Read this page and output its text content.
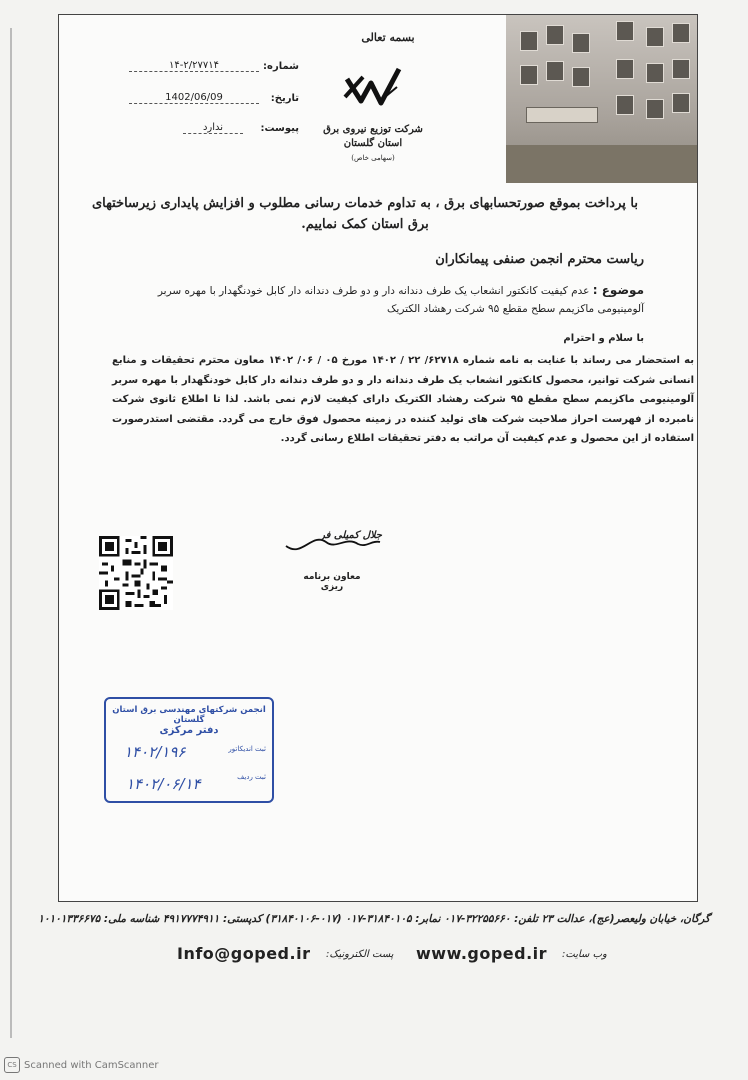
بسمه تعالی
شرکت توزیع نیروی برق
استان گلستان
(سهامی خاص)
شماره:
۱۴-۲/۲۷۷۱۴
تاریخ:
1402/06/09
پیوست:
ندارد
با پرداخت بموقع صورتحسابهای برق ، به تداوم خدمات رسانی مطلوب و افزایش پایداری زیرساختهای برق استان کمک نماییم.
ریاست محترم انجمن صنفی پیمانکاران
موضوع : عدم کیفیت کانکتور انشعاب یک طرف دندانه دار و دو طرف دندانه دار کابل خودنگهدار با مهره سربر آلومینیومی ماکزیمم سطح مقطع ۹۵ شرکت رهشاد الکتریک
با سلام و احترام
به استحضار می رساند با عنایت به نامه شماره ۶۲۷۱۸/ ۲۲ / ۱۴۰۲ مورخ ۰۵ / ۰۶/ ۱۴۰۲ معاون محترم تحقیقات و منابع انسانی شرکت توانیر، محصول کانکتور انشعاب یک طرف دندانه دار و دو طرف دندانه دار کابل خودنگهدار با مهره سربر آلومینیومی ماکزیمم سطح مقطع ۹۵ شرکت رهشاد الکتریک دارای کیفیت لازم نمی باشد. لذا تا اطلاع ثانوی شرکت نامبرده از فهرست احراز صلاحیت شرکت های تولید کننده در زمینه محصول فوق خارج می گردد. مقتضی استدرصورت استفاده از این محصول و عدم کیفیت آن مراتب به دفتر تحقیقات اطلاع رسانی گردد.
جلال کمیلی فر
معاون برنامه ریزی
انجمن شرکتهای مهندسی برق استان گلستان
دفتر مرکزی
ثبت اندیکاتور
۱۴۰۲/۱۹۶
ثبت ردیف
۱۴۰۲/۰۶/۱۴
گرگان، خیابان ولیعصر(عج)، عدالت ۲۳ تلفن: ۳۲۲۵۵۶۶۰-۰۱۷ نمابر: ۳۱۸۴۰۱۰۵-۰۱۷ (۰۱۷-۳۱۸۴۰۱۰۶) کدپستی: ۴۹۱۷۷۷۴۹۱۱ شناسه ملی: ۱۰۱۰۱۳۳۶۶۷۵
Info@goped.ir پست الکترونیک: www.goped.ir وب سایت:
CS Scanned with CamScanner
